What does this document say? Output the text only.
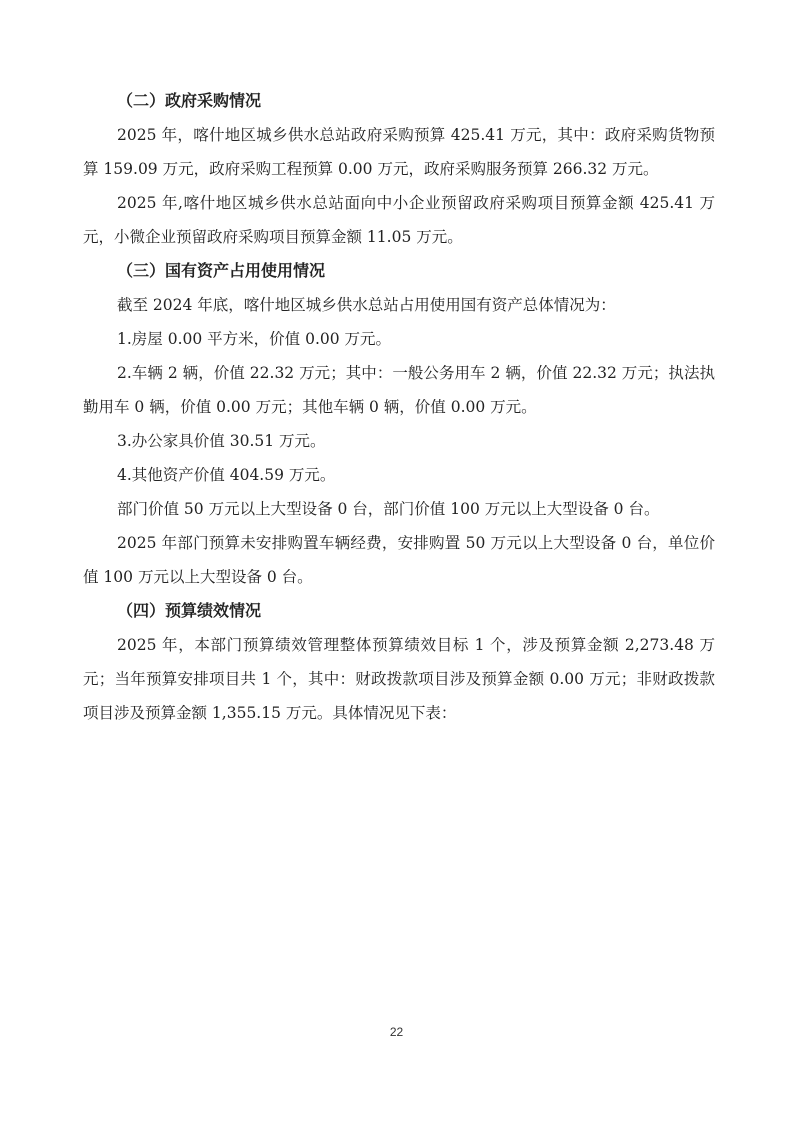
（二）政府采购情况

2025 年，喀什地区城乡供水总站政府采购预算 425.41 万元，其中：政府采购货物预算 159.09 万元，政府采购工程预算 0.00 万元，政府采购服务预算 266.32 万元。

2025 年,喀什地区城乡供水总站面向中小企业预留政府采购项目预算金额 425.41 万元，小微企业预留政府采购项目预算金额 11.05 万元。

（三）国有资产占用使用情况

截至 2024 年底，喀什地区城乡供水总站占用使用国有资产总体情况为：

1.房屋 0.00 平方米，价值 0.00 万元。

2.车辆 2 辆，价值 22.32 万元；其中：一般公务用车 2 辆，价值 22.32 万元；执法执勤用车 0 辆，价值 0.00 万元；其他车辆 0 辆，价值 0.00 万元。

3.办公家具价值 30.51 万元。

4.其他资产价值 404.59 万元。

部门价值 50 万元以上大型设备 0 台，部门价值 100 万元以上大型设备 0 台。

2025 年部门预算未安排购置车辆经费，安排购置 50 万元以上大型设备 0 台，单位价值 100 万元以上大型设备 0 台。

（四）预算绩效情况

2025 年，本部门预算绩效管理整体预算绩效目标 1 个，涉及预算金额 2,273.48 万元；当年预算安排项目共 1 个，其中：财政拨款项目涉及预算金额 0.00 万元；非财政拨款项目涉及预算金额 1,355.15 万元。具体情况见下表：

22
